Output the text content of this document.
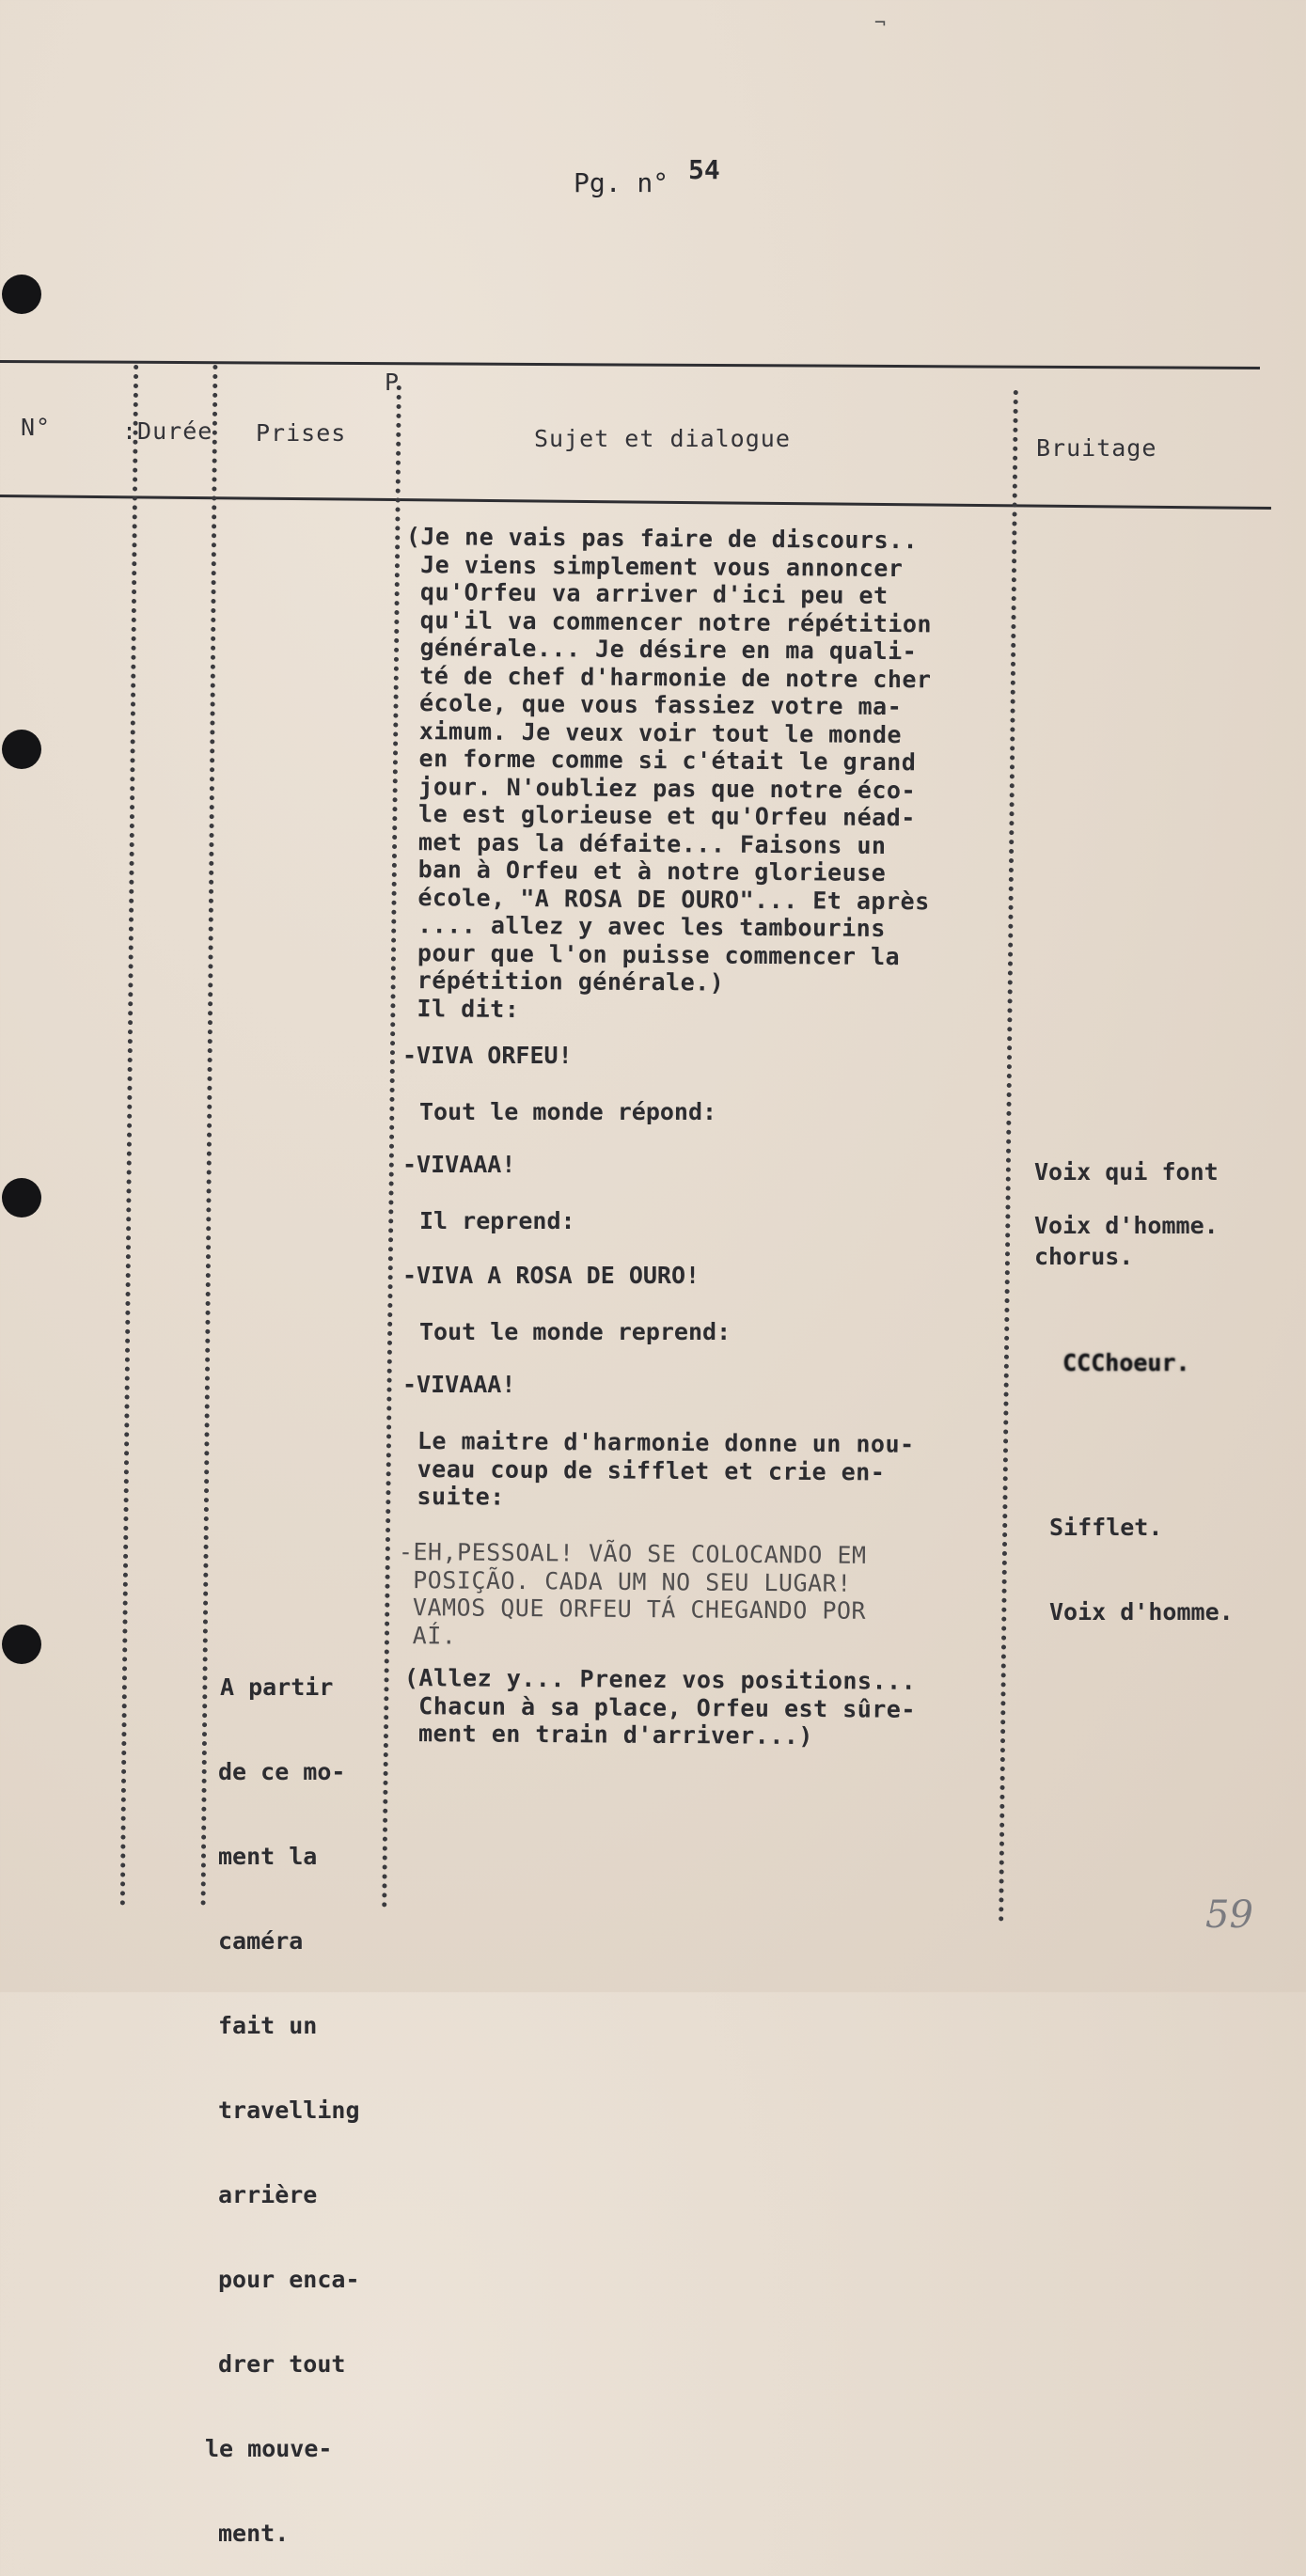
¬
Pg. n° 54
N°	:Durée Prises
P
Sujet et dialogue	Bruitage
(Je ne vais pas faire de discours..
Je viens simplement vous annoncer
qu'Orfeu va arriver d'ici peu et
qu'il va commencer notre répétition
générale... Je désire en ma quali-
té de chef d'harmonie de notre cher
école, que vous fassiez votre ma-
ximum. Je veux voir tout le monde
en forme comme si c'était le grand
jour. N'oubliez pas que notre éco-
le est glorieuse et qu'Orfeu néad-
met pas la défaite... Faisons un
ban à Orfeu et à notre glorieuse
école, "A ROSA DE OURO"... Et après
.... allez y avec les tambourins
pour que l'on puisse commencer la
répétition générale.)
Il dit:
-VIVA ORFEU!
Tout le monde répond:
-VIVAAA!
Il reprend:
-VIVA A ROSA DE OURO!
Tout le monde reprend:
-VIVAAA!
Le maitre d'harmonie donne un nou-
veau coup de sifflet et crie en-
suite:
-EH,PESSOAL! VÃO SE COLOCANDO EM
POSIÇÃO. CADA UM NO SEU LUGAR!
VAMOS QUE ORFEU TÁ CHEGANDO POR
AÍ.
(Allez y... Prenez vos positions...
Chacun à sa place, Orfeu est sûre-
ment en train d'arriver...)

Voix qui font

chorus.

Voix d'homme.

CCChoeur.

Sifflet.

Voix d'homme.

A partir

de ce mo-

ment la

caméra

fait un

travelling

arrière

pour enca-

drer tout

le mouve-

ment.

59
